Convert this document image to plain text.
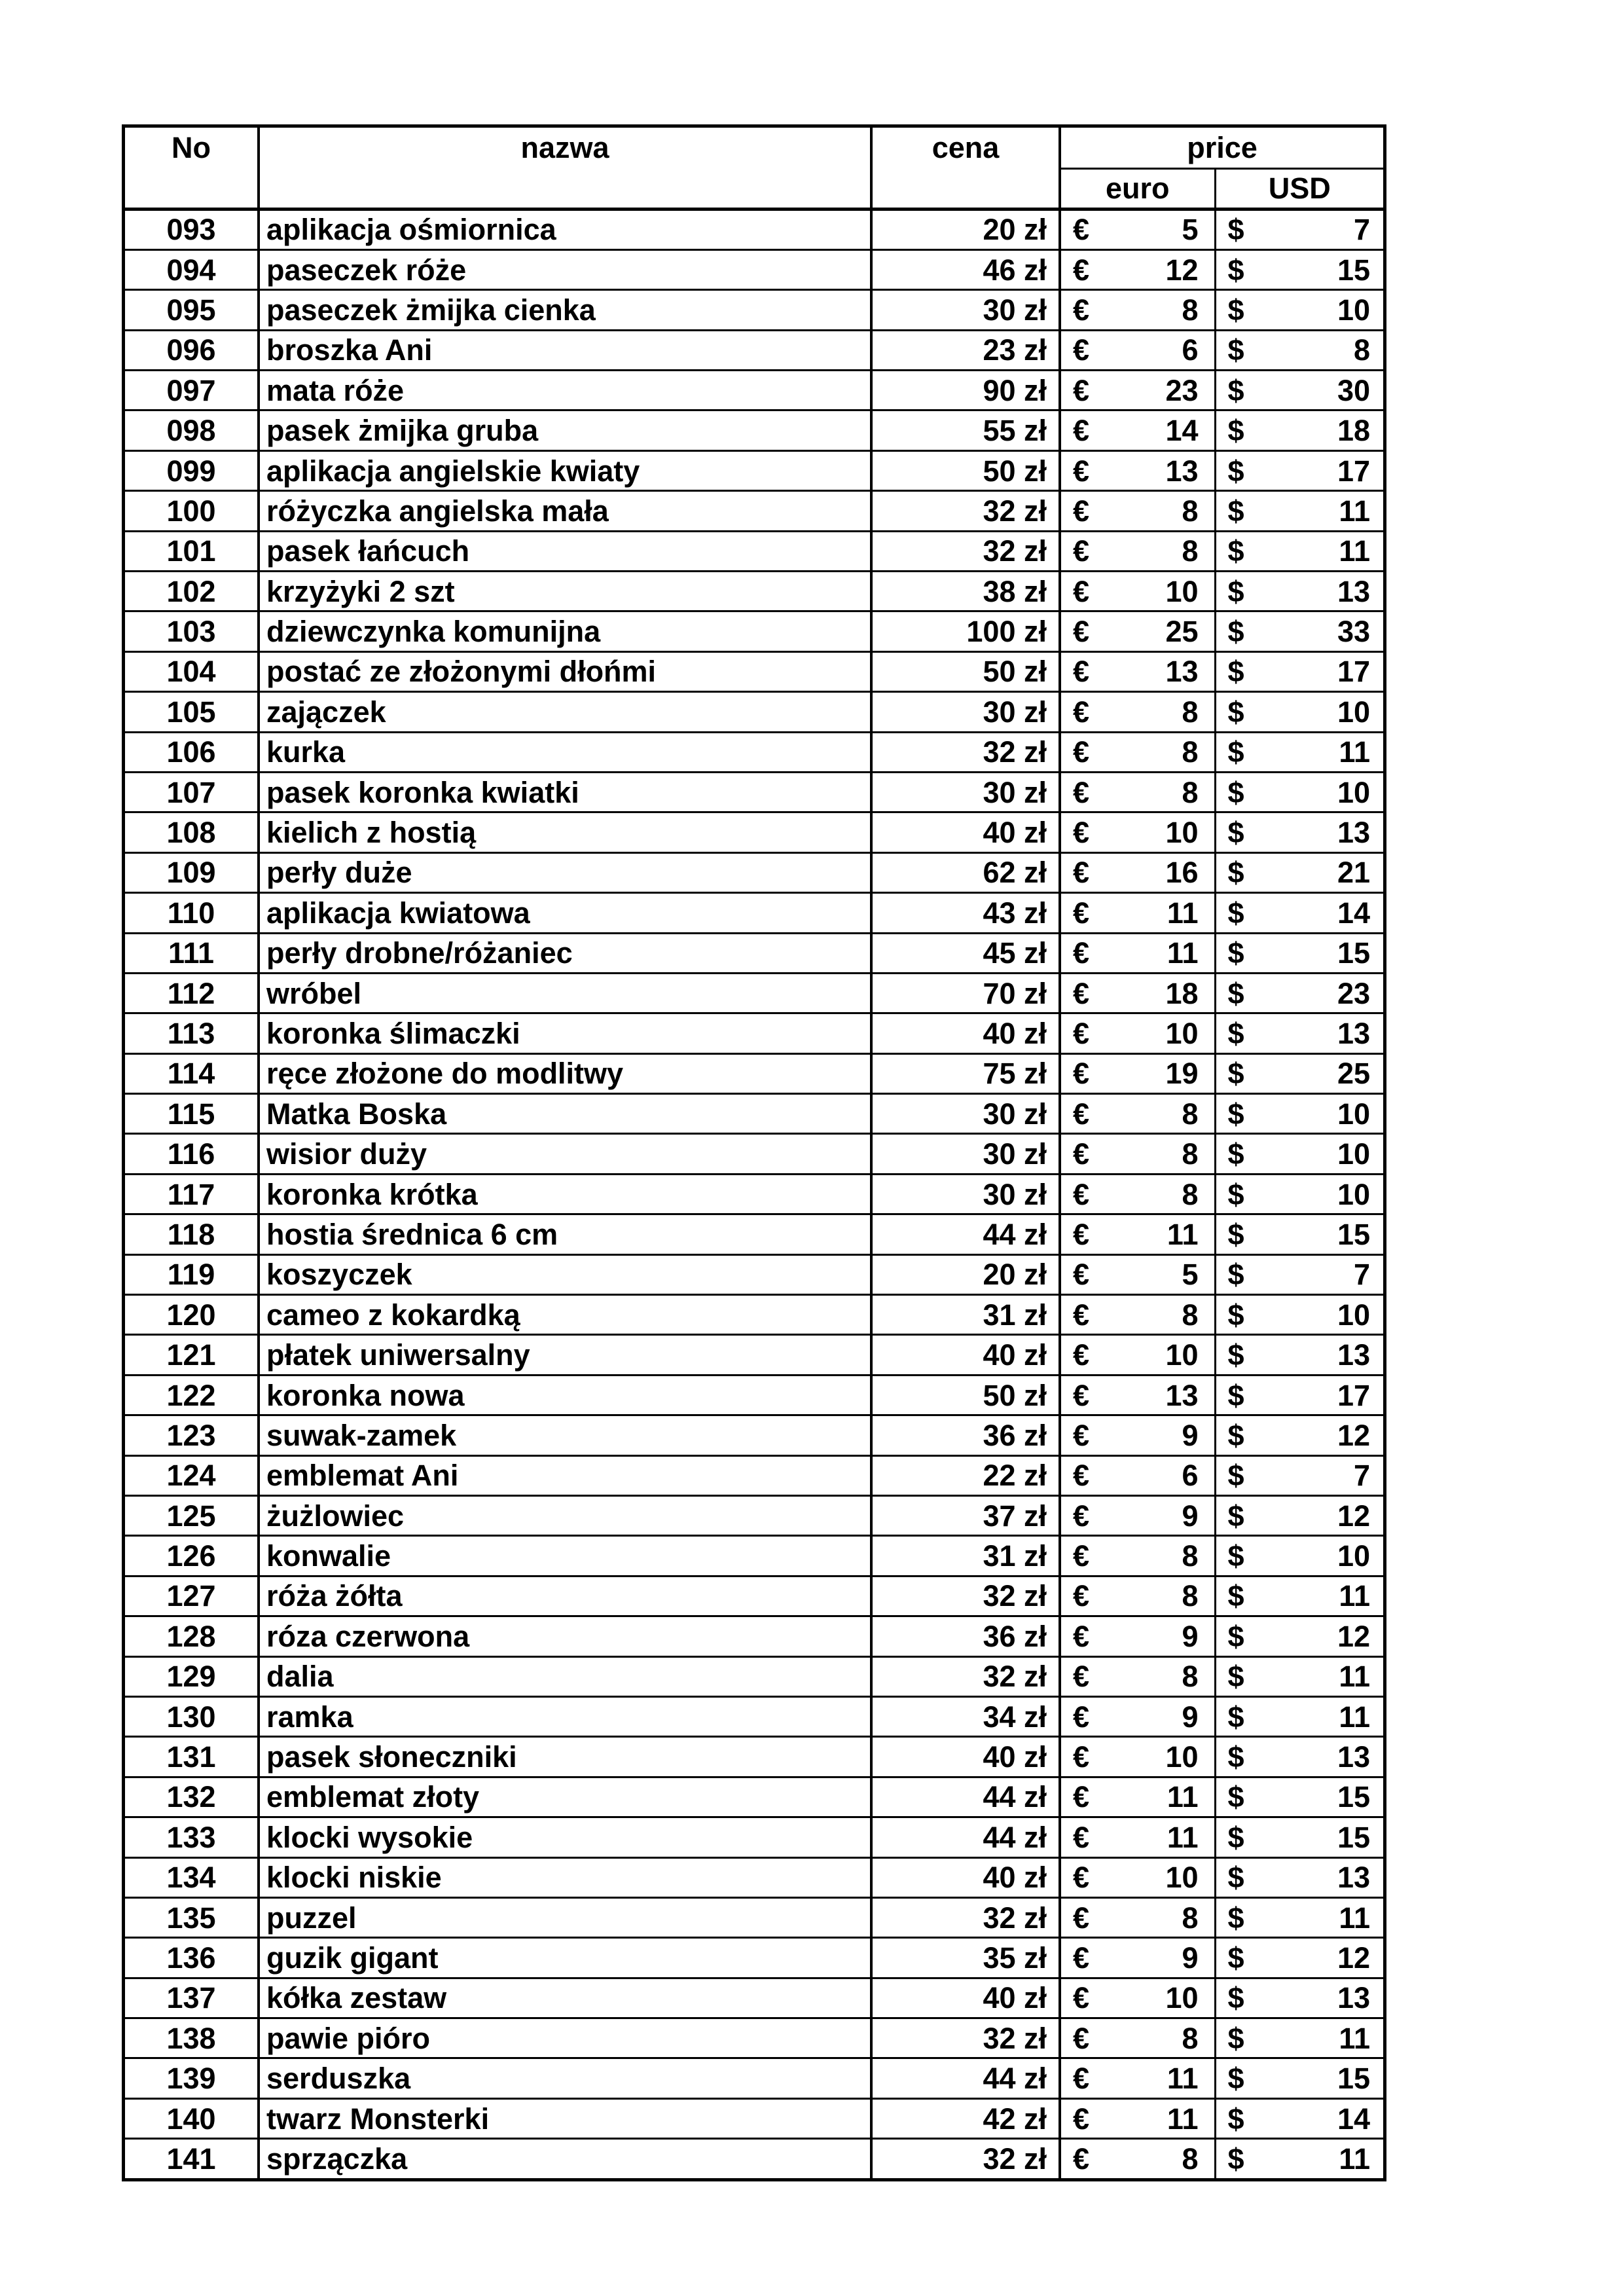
No	nazwa	cena	price			
			euro		USD	
093	aplikacja ośmiornica	20 zł	€	5	$	7
094	paseczek róże	46 zł	€	12	$	15
095	paseczek żmijka cienka	30 zł	€	8	$	10
096	broszka Ani	23 zł	€	6	$	8
097	mata róże	90 zł	€	23	$	30
098	pasek żmijka gruba	55 zł	€	14	$	18
099	aplikacja angielskie kwiaty	50 zł	€	13	$	17
100	różyczka angielska mała	32 zł	€	8	$	11
101	pasek łańcuch	32 zł	€	8	$	11
102	krzyżyki 2 szt	38 zł	€	10	$	13
103	dziewczynka komunijna	100 zł	€	25	$	33
104	postać ze złożonymi dłońmi	50 zł	€	13	$	17
105	zajączek	30 zł	€	8	$	10
106	kurka	32 zł	€	8	$	11
107	pasek koronka kwiatki	30 zł	€	8	$	10
108	kielich z hostią	40 zł	€	10	$	13
109	perły duże	62 zł	€	16	$	21
110	aplikacja kwiatowa	43 zł	€	11	$	14
111	perły drobne/różaniec	45 zł	€	11	$	15
112	wróbel	70 zł	€	18	$	23
113	koronka ślimaczki	40 zł	€	10	$	13
114	ręce złożone do modlitwy	75 zł	€	19	$	25
115	Matka Boska	30 zł	€	8	$	10
116	wisior duży	30 zł	€	8	$	10
117	koronka krótka	30 zł	€	8	$	10
118	hostia średnica 6 cm	44 zł	€	11	$	15
119	koszyczek	20 zł	€	5	$	7
120	cameo z kokardką	31 zł	€	8	$	10
121	płatek uniwersalny	40 zł	€	10	$	13
122	koronka nowa	50 zł	€	13	$	17
123	suwak-zamek	36 zł	€	9	$	12
124	emblemat Ani	22 zł	€	6	$	7
125	żużlowiec	37 zł	€	9	$	12
126	konwalie	31 zł	€	8	$	10
127	róża żółta	32 zł	€	8	$	11
128	róza czerwona	36 zł	€	9	$	12
129	dalia	32 zł	€	8	$	11
130	ramka	34 zł	€	9	$	11
131	pasek słoneczniki	40 zł	€	10	$	13
132	emblemat złoty	44 zł	€	11	$	15
133	klocki wysokie	44 zł	€	11	$	15
134	klocki niskie	40 zł	€	10	$	13
135	puzzel	32 zł	€	8	$	11
136	guzik gigant	35 zł	€	9	$	12
137	kółka zestaw	40 zł	€	10	$	13
138	pawie pióro	32 zł	€	8	$	11
139	serduszka	44 zł	€	11	$	15
140	twarz Monsterki	42 zł	€	11	$	14
141	sprzączka	32 zł	€	8	$	11
